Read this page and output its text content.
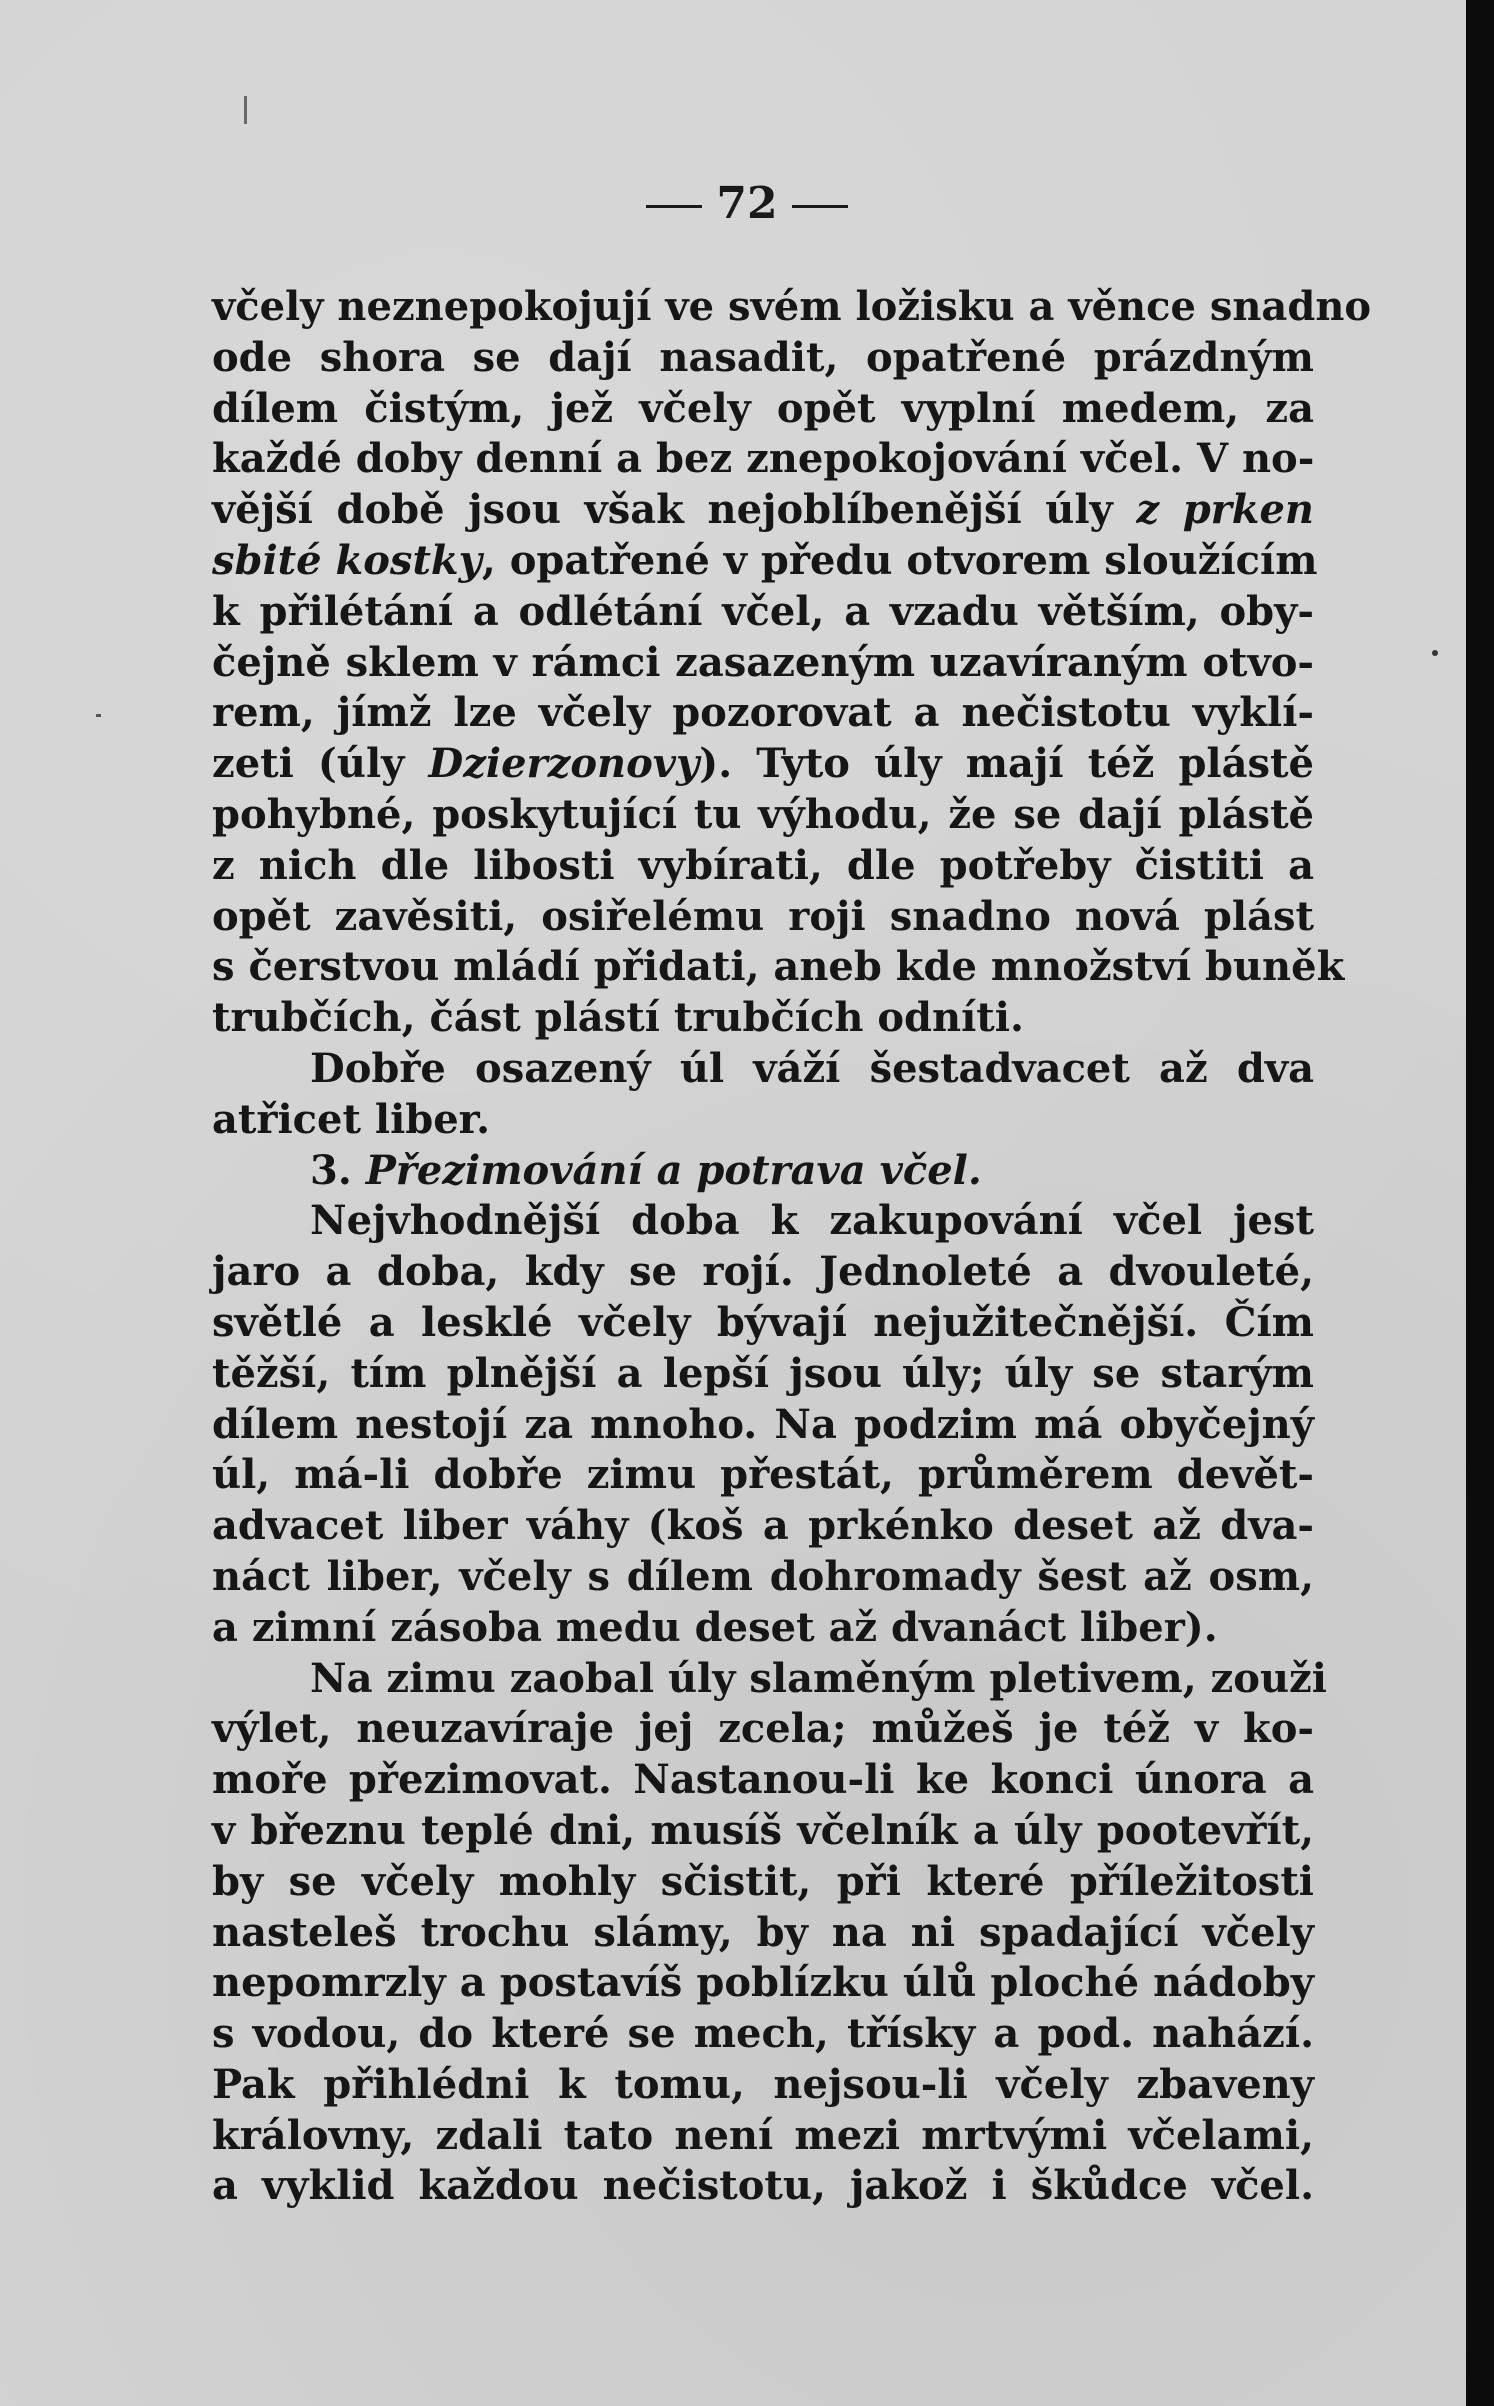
72
včely neznepokojují ve svém ložisku a věnce snadno
ode shora se dají nasadit, opatřené prázdným
dílem čistým, jež včely opět vyplní medem, za
každé doby denní a bez znepokojování včel. V no-
vější době jsou však nejoblíbenější úly z prken
sbité kostky, opatřené v předu otvorem sloužícím
k přilétání a odlétání včel, a vzadu větším, oby-
čejně sklem v rámci zasazeným uzavíraným otvo-
rem, jímž lze včely pozorovat a nečistotu vyklí-
zeti (úly Dzierzonovy). Tyto úly mají též plástě
pohybné, poskytující tu výhodu, že se dají plástě
z nich dle libosti vybírati, dle potřeby čistiti a
opět zavěsiti, osiřelému roji snadno nová plást
s čerstvou mládí přidati, aneb kde množství buněk
trubčích, část plástí trubčích odníti.
Dobře osazený úl váží šestadvacet až dva
atřicet liber.
3. Přezimování a potrava včel.
Nejvhodnější doba k zakupování včel jest
jaro a doba, kdy se rojí. Jednoleté a dvouleté,
světlé a lesklé včely bývají nejužitečnější. Čím
těžší, tím plnější a lepší jsou úly; úly se starým
dílem nestojí za mnoho. Na podzim má obyčejný
úl, má-li dobře zimu přestát, průměrem devět-
advacet liber váhy (koš a prkénko deset až dva-
náct liber, včely s dílem dohromady šest až osm,
a zimní zásoba medu deset až dvanáct liber).
Na zimu zaobal úly slaměným pletivem, zouži
výlet, neuzavíraje jej zcela; můžeš je též v ko-
moře přezimovat. Nastanou-li ke konci února a
v březnu teplé dni, musíš včelník a úly pootevřít,
by se včely mohly sčistit, při které příležitosti
nasteleš trochu slámy, by na ni spadající včely
nepomrzly a postavíš poblízku úlů ploché nádoby
s vodou, do které se mech, třísky a pod. nahází.
Pak přihlédni k tomu, nejsou-li včely zbaveny
královny, zdali tato není mezi mrtvými včelami,
a vyklid každou nečistotu, jakož i škůdce včel.
